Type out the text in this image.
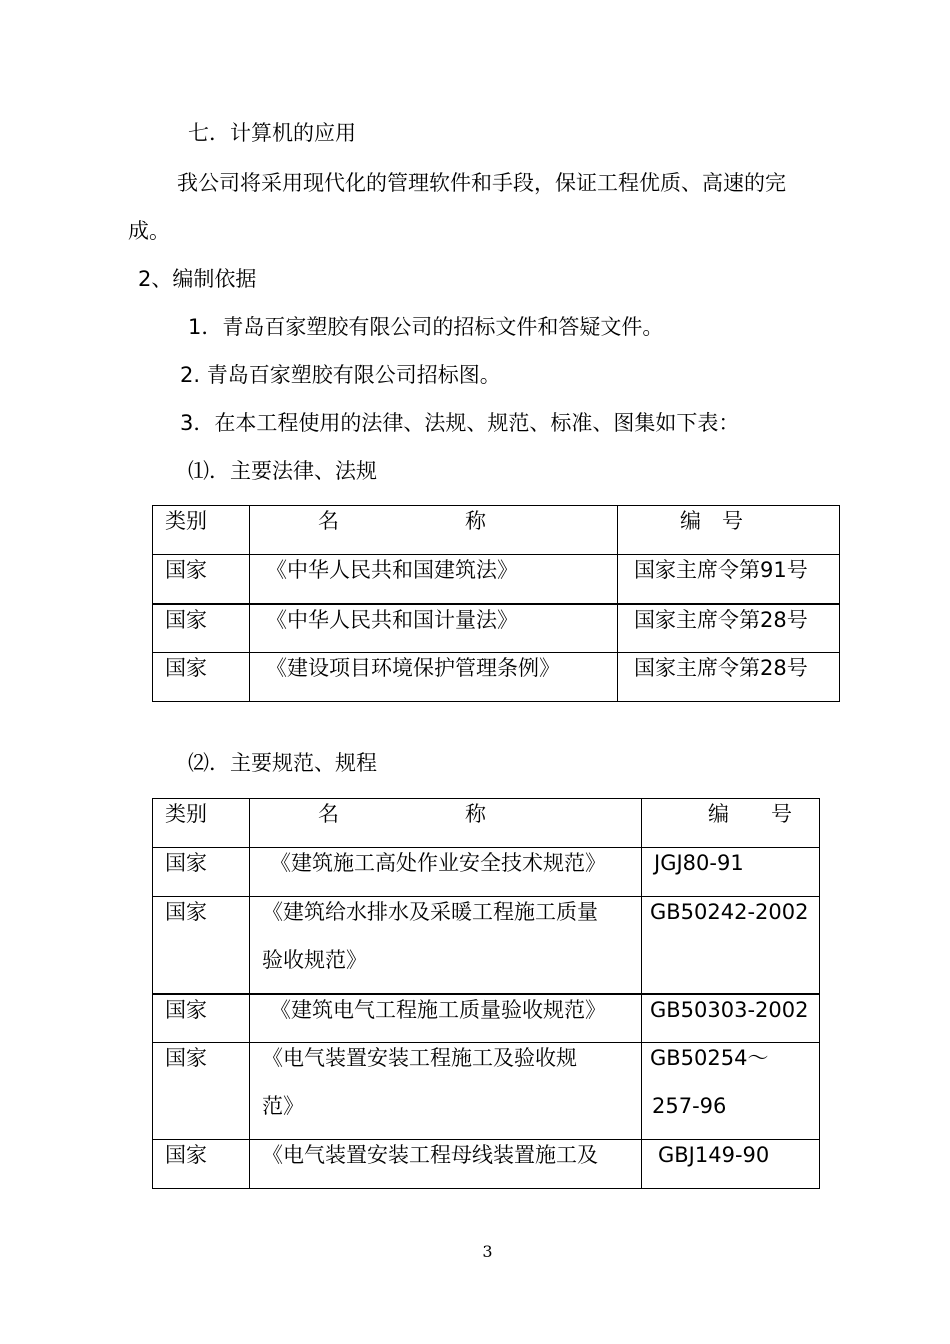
七．计算机的应用

我公司将采用现代化的管理软件和手段，保证工程优质、高速的完

成。

2、编制依据

1．青岛百家塑胶有限公司的招标文件和答疑文件。

2. 青岛百家塑胶有限公司招标图。

3．在本工程使用的法律、法规、规范、标准、图集如下表：

⑴．主要法律、法规

类别	名　　　　　　称	编　号
国家	《中华人民共和国建筑法》	国家主席令第91号
国家	《中华人民共和国计量法》	国家主席令第28号
国家	《建设项目环境保护管理条例》	国家主席令第28号

⑵．主要规范、规程

类别	名　　　　　　称	编　　号
国家	《建筑施工高处作业安全技术规范》	JGJ80-91
国家	《建筑给水排水及采暖工程施工质量
验收规范》	GB50242-2002
国家	《建筑电气工程施工质量验收规范》	GB50303-2002
国家	《电气装置安装工程施工及验收规
范》	GB50254～
257-96

国家	《电气装置安装工程母线装置施工及	GBJ149-90
3
